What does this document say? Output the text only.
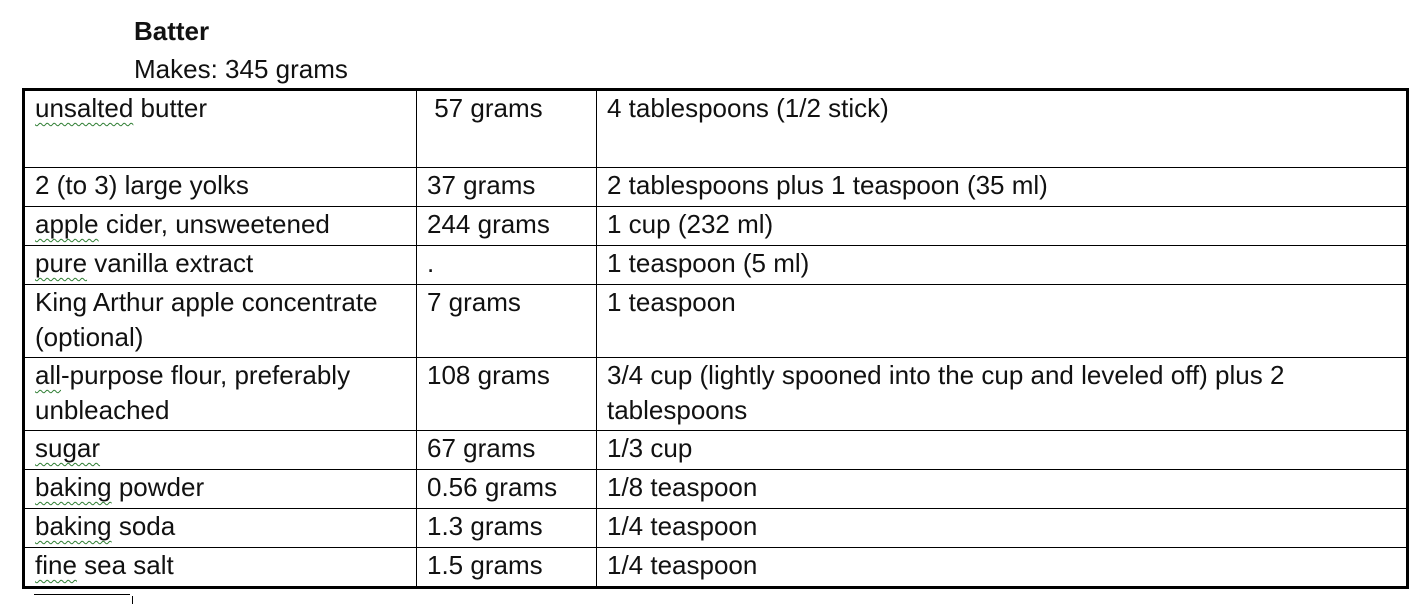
Batter
Makes: 345 grams
unsalted butter	57 grams	4 tablespoons (1/2 stick)
2 (to 3) large yolks	37 grams	2 tablespoons plus 1 teaspoon (35 ml)
apple cider, unsweetened	244 grams	1 cup (232 ml)
pure vanilla extract	.	1 teaspoon (5 ml)
King Arthur apple concentrate (optional)	7 grams	1 teaspoon
all-purpose flour, preferably unbleached	108 grams	3/4 cup (lightly spooned into the cup and leveled off) plus 2 tablespoons
sugar	67 grams	1/3 cup
baking powder	0.56 grams	1/8 teaspoon
baking soda	1.3 grams	1/4 teaspoon
fine sea salt	1.5 grams	1/4 teaspoon
